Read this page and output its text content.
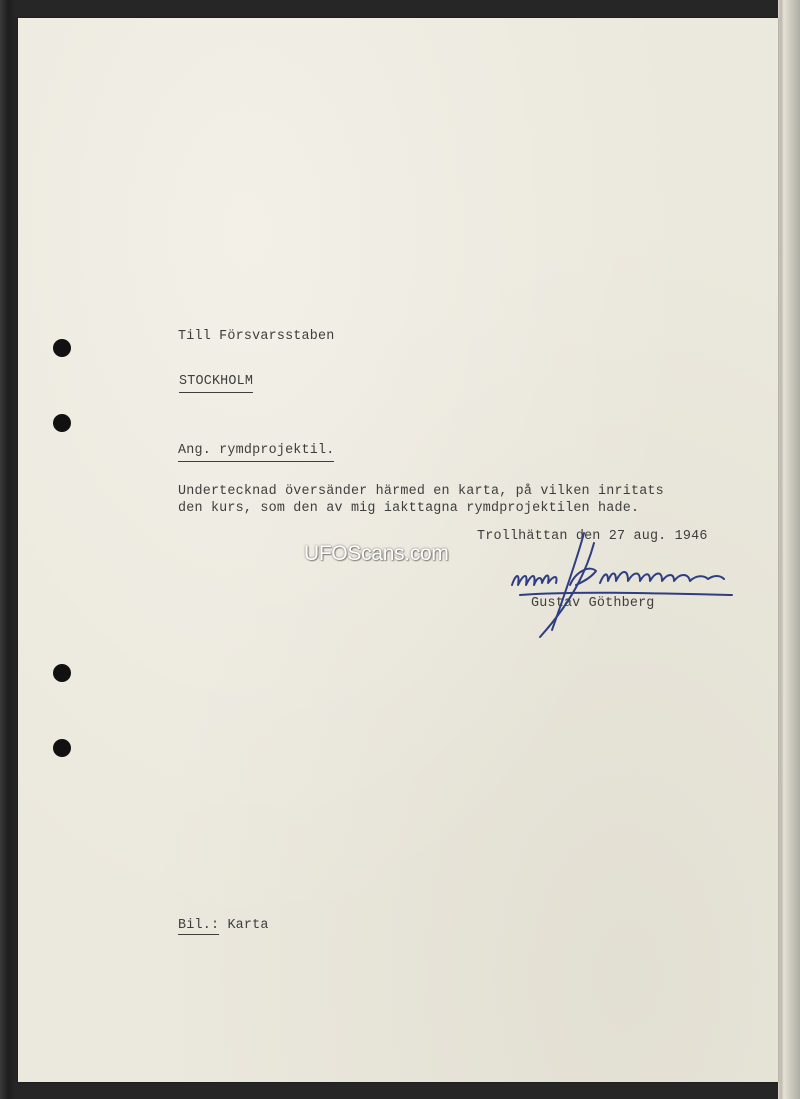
Till Försvarsstaben
STOCKHOLM
Ang. rymdprojektil.
Undertecknad översänder härmed en karta, på vilken inritats
den kurs, som den av mig iakttagna rymdprojektilen hade.
Trollhättan den 27 aug. 1946
Gustav Göthberg
Bil.: Karta
UFOScans.com
